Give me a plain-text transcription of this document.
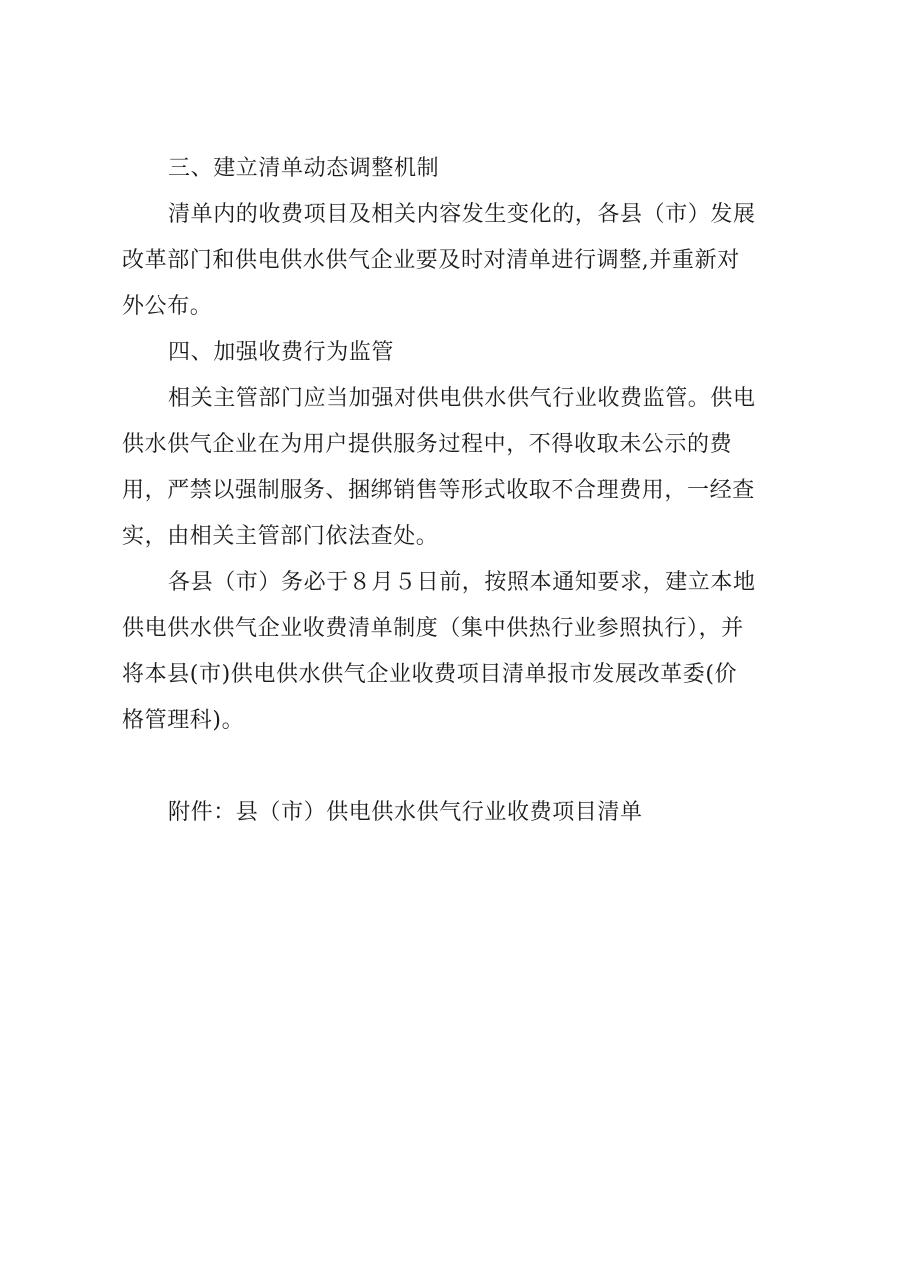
三、建立清单动态调整机制
清单内的收费项目及相关内容发生变化的，各县（市）发展
改革部门和供电供水供气企业要及时对清单进行调整,并重新对
外公布。
四、加强收费行为监管
相关主管部门应当加强对供电供水供气行业收费监管。供电
供水供气企业在为用户提供服务过程中，不得收取未公示的费
用，严禁以强制服务、捆绑销售等形式收取不合理费用，一经查
实，由相关主管部门依法查处。
各县（市）务必于８月５日前，按照本通知要求，建立本地
供电供水供气企业收费清单制度（集中供热行业参照执行），并
将本县(市)供电供水供气企业收费项目清单报市发展改革委(价
格管理科)。
附件：县（市）供电供水供气行业收费项目清单
